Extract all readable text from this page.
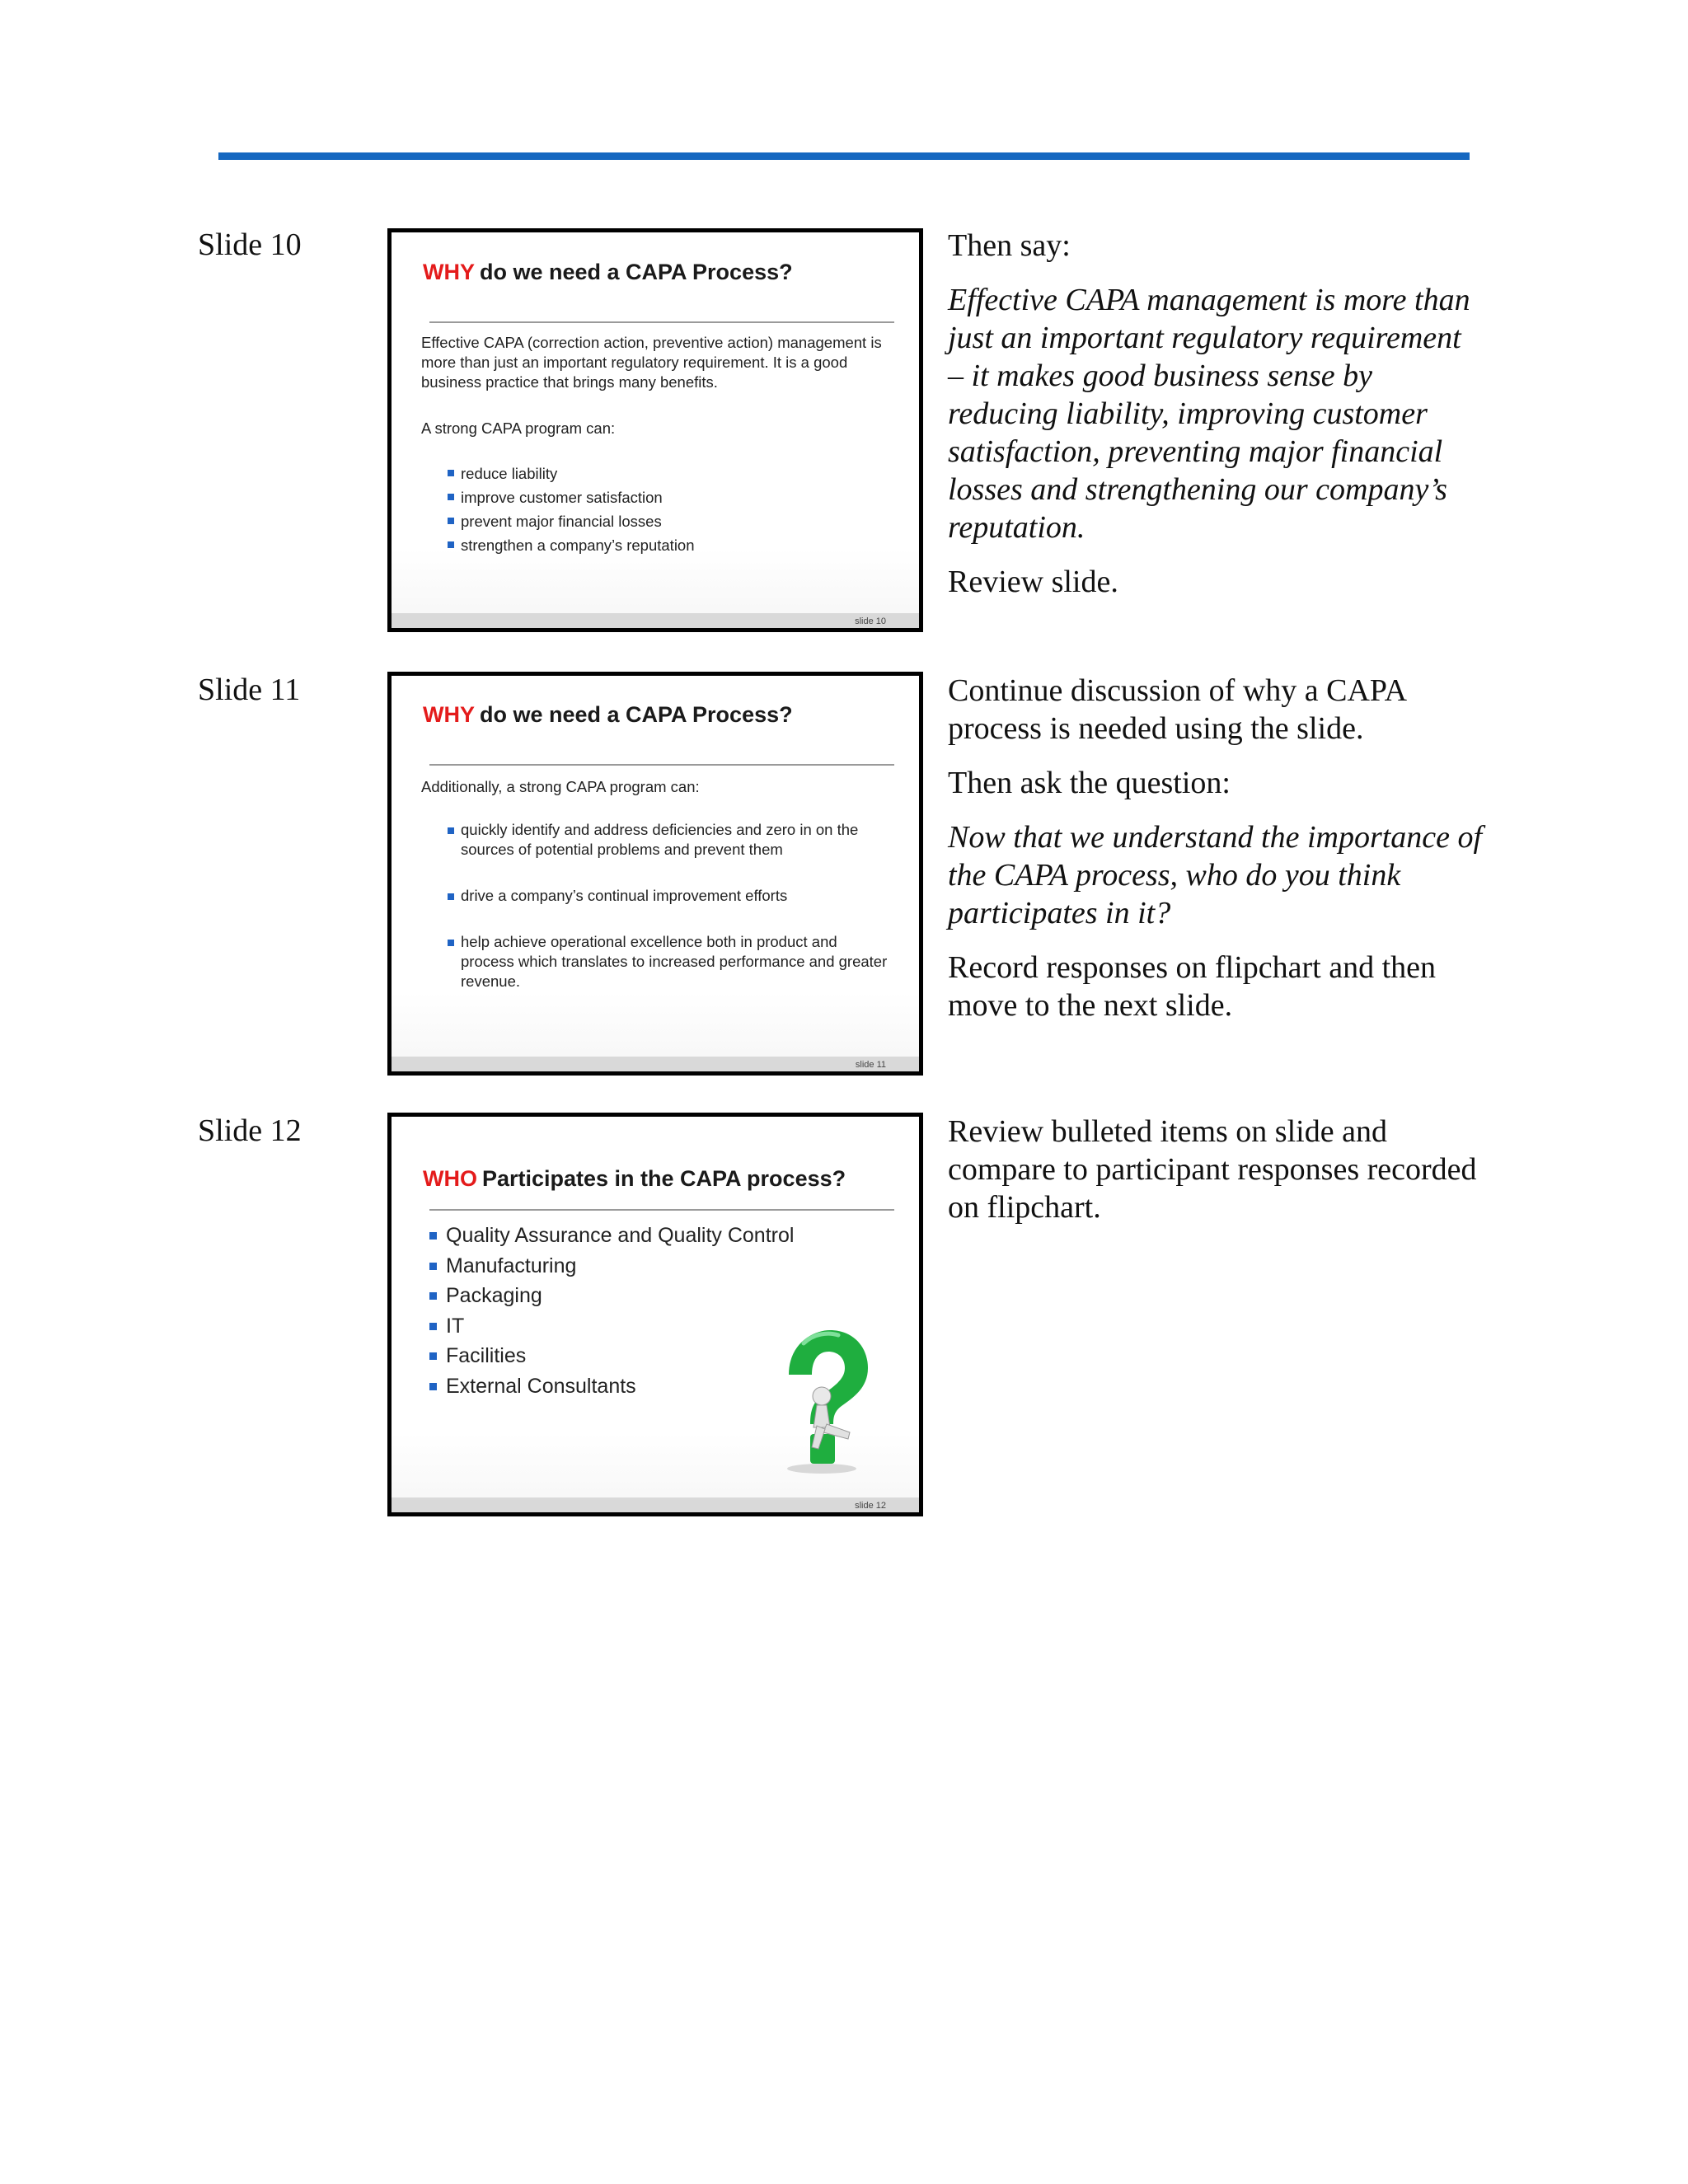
Slide 10
WHY do we need a CAPA Process?
Effective CAPA (correction action, preventive action) management is more than just an important regulatory requirement. It is a good business practice that brings many benefits.
A strong CAPA program can:
reduce liability
improve customer satisfaction
prevent major financial losses
strengthen a company’s reputation
slide 10

Then say:

Effective CAPA management is more than just an important regulatory requirement – it makes good business sense by reducing liability, improving customer satisfaction, preventing major financial losses and strengthening our company’s reputation.

Review slide.

Slide 11
WHY do we need a CAPA Process?
Additionally, a strong CAPA program can:
quickly identify and address deficiencies and zero in on the sources of potential problems and prevent them
drive a company’s continual improvement efforts
help achieve operational excellence both in product and process which translates to increased performance and greater revenue.
slide 11

Continue discussion of why a CAPA process is needed using the slide.

Then ask the question:

Now that we understand the importance of the CAPA process, who do you think participates in it?

Record responses on flipchart and then move to the next slide.

Slide 12
WHO Participates in the CAPA process?
Quality Assurance and Quality Control
Manufacturing
Packaging
IT
Facilities
External Consultants
slide 12

Review bulleted items on slide and compare to participant responses recorded on flipchart.
